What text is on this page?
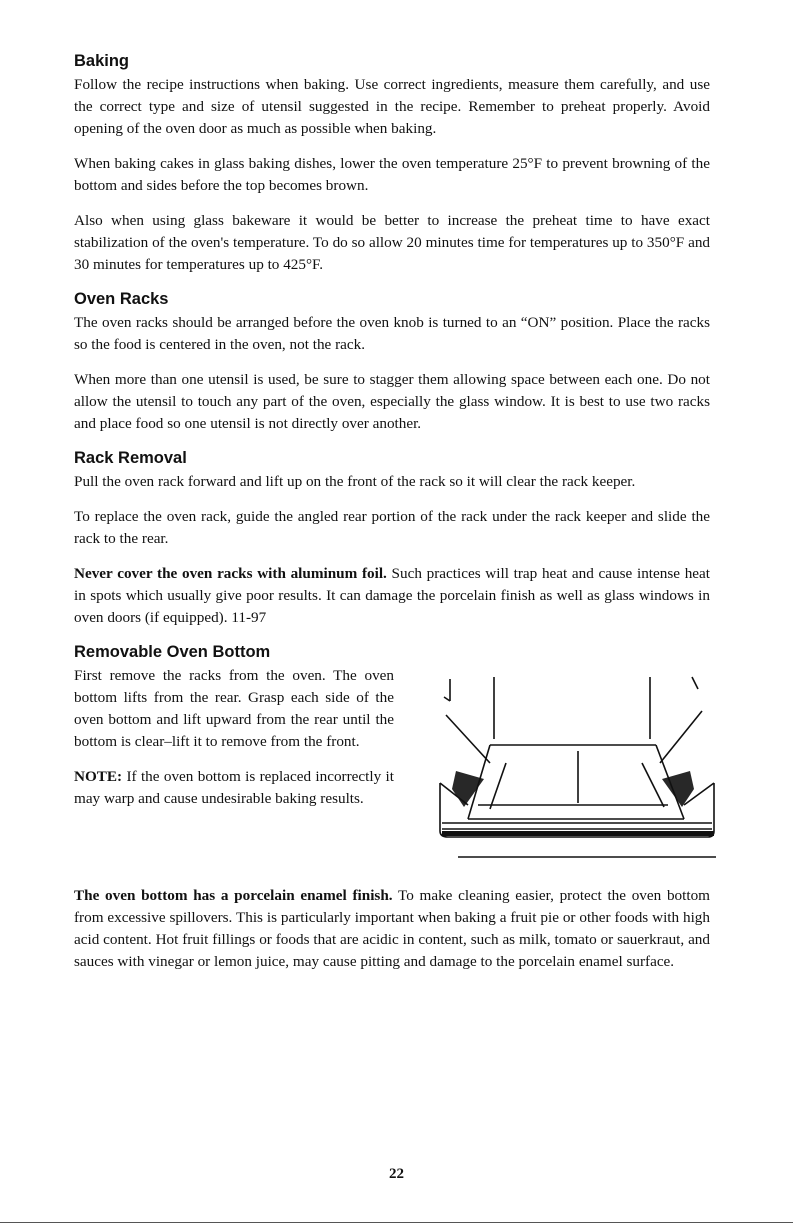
Baking

Follow the recipe instructions when baking. Use correct ingredients, measure them carefully, and use the correct type and size of utensil suggested in the recipe. Remember to preheat properly. Avoid opening of the oven door as much as possible when baking.

When baking cakes in glass baking dishes, lower the oven temperature 25°F to prevent browning of the bottom and sides before the top becomes brown.

Also when using glass bakeware it would be better to increase the preheat time to have exact stabilization of the oven's temperature. To do so allow 20 minutes time for temperatures up to 350°F and 30 minutes for temperatures up to 425°F.

Oven Racks

The oven racks should be arranged before the oven knob is turned to an “ON” position. Place the racks so the food is centered in the oven, not the rack.

When more than one utensil is used, be sure to stagger them allowing space between each one. Do not allow the utensil to touch any part of the oven, especially the glass window. It is best to use two racks and place food so one utensil is not directly over another.

Rack Removal

Pull the oven rack forward and lift up on the front of the rack so it will clear the rack keeper.

To replace the oven rack, guide the angled rear portion of the rack under the rack keeper and slide the rack to the rear.

Never cover the oven racks with aluminum foil. Such practices will trap heat and cause intense heat in spots which usually give poor results. It can damage the porcelain finish as well as glass windows in oven doors (if equipped). 11-97

Removable Oven Bottom

First remove the racks from the oven. The oven bottom lifts from the rear. Grasp each side of the oven bottom and lift upward from the rear until the bottom is clear–lift it to remove from the front.

NOTE: If the oven bottom is replaced incorrectly it may warp and cause undesirable baking results.

The oven bottom has a porcelain enamel finish. To make cleaning easier, protect the oven bottom from excessive spillovers. This is particularly important when baking a fruit pie or other foods with high acid content. Hot fruit fillings or foods that are acidic in content, such as milk, tomato or sauerkraut, and sauces with vinegar or lemon juice, may cause pitting and damage to the porcelain enamel surface.

22
